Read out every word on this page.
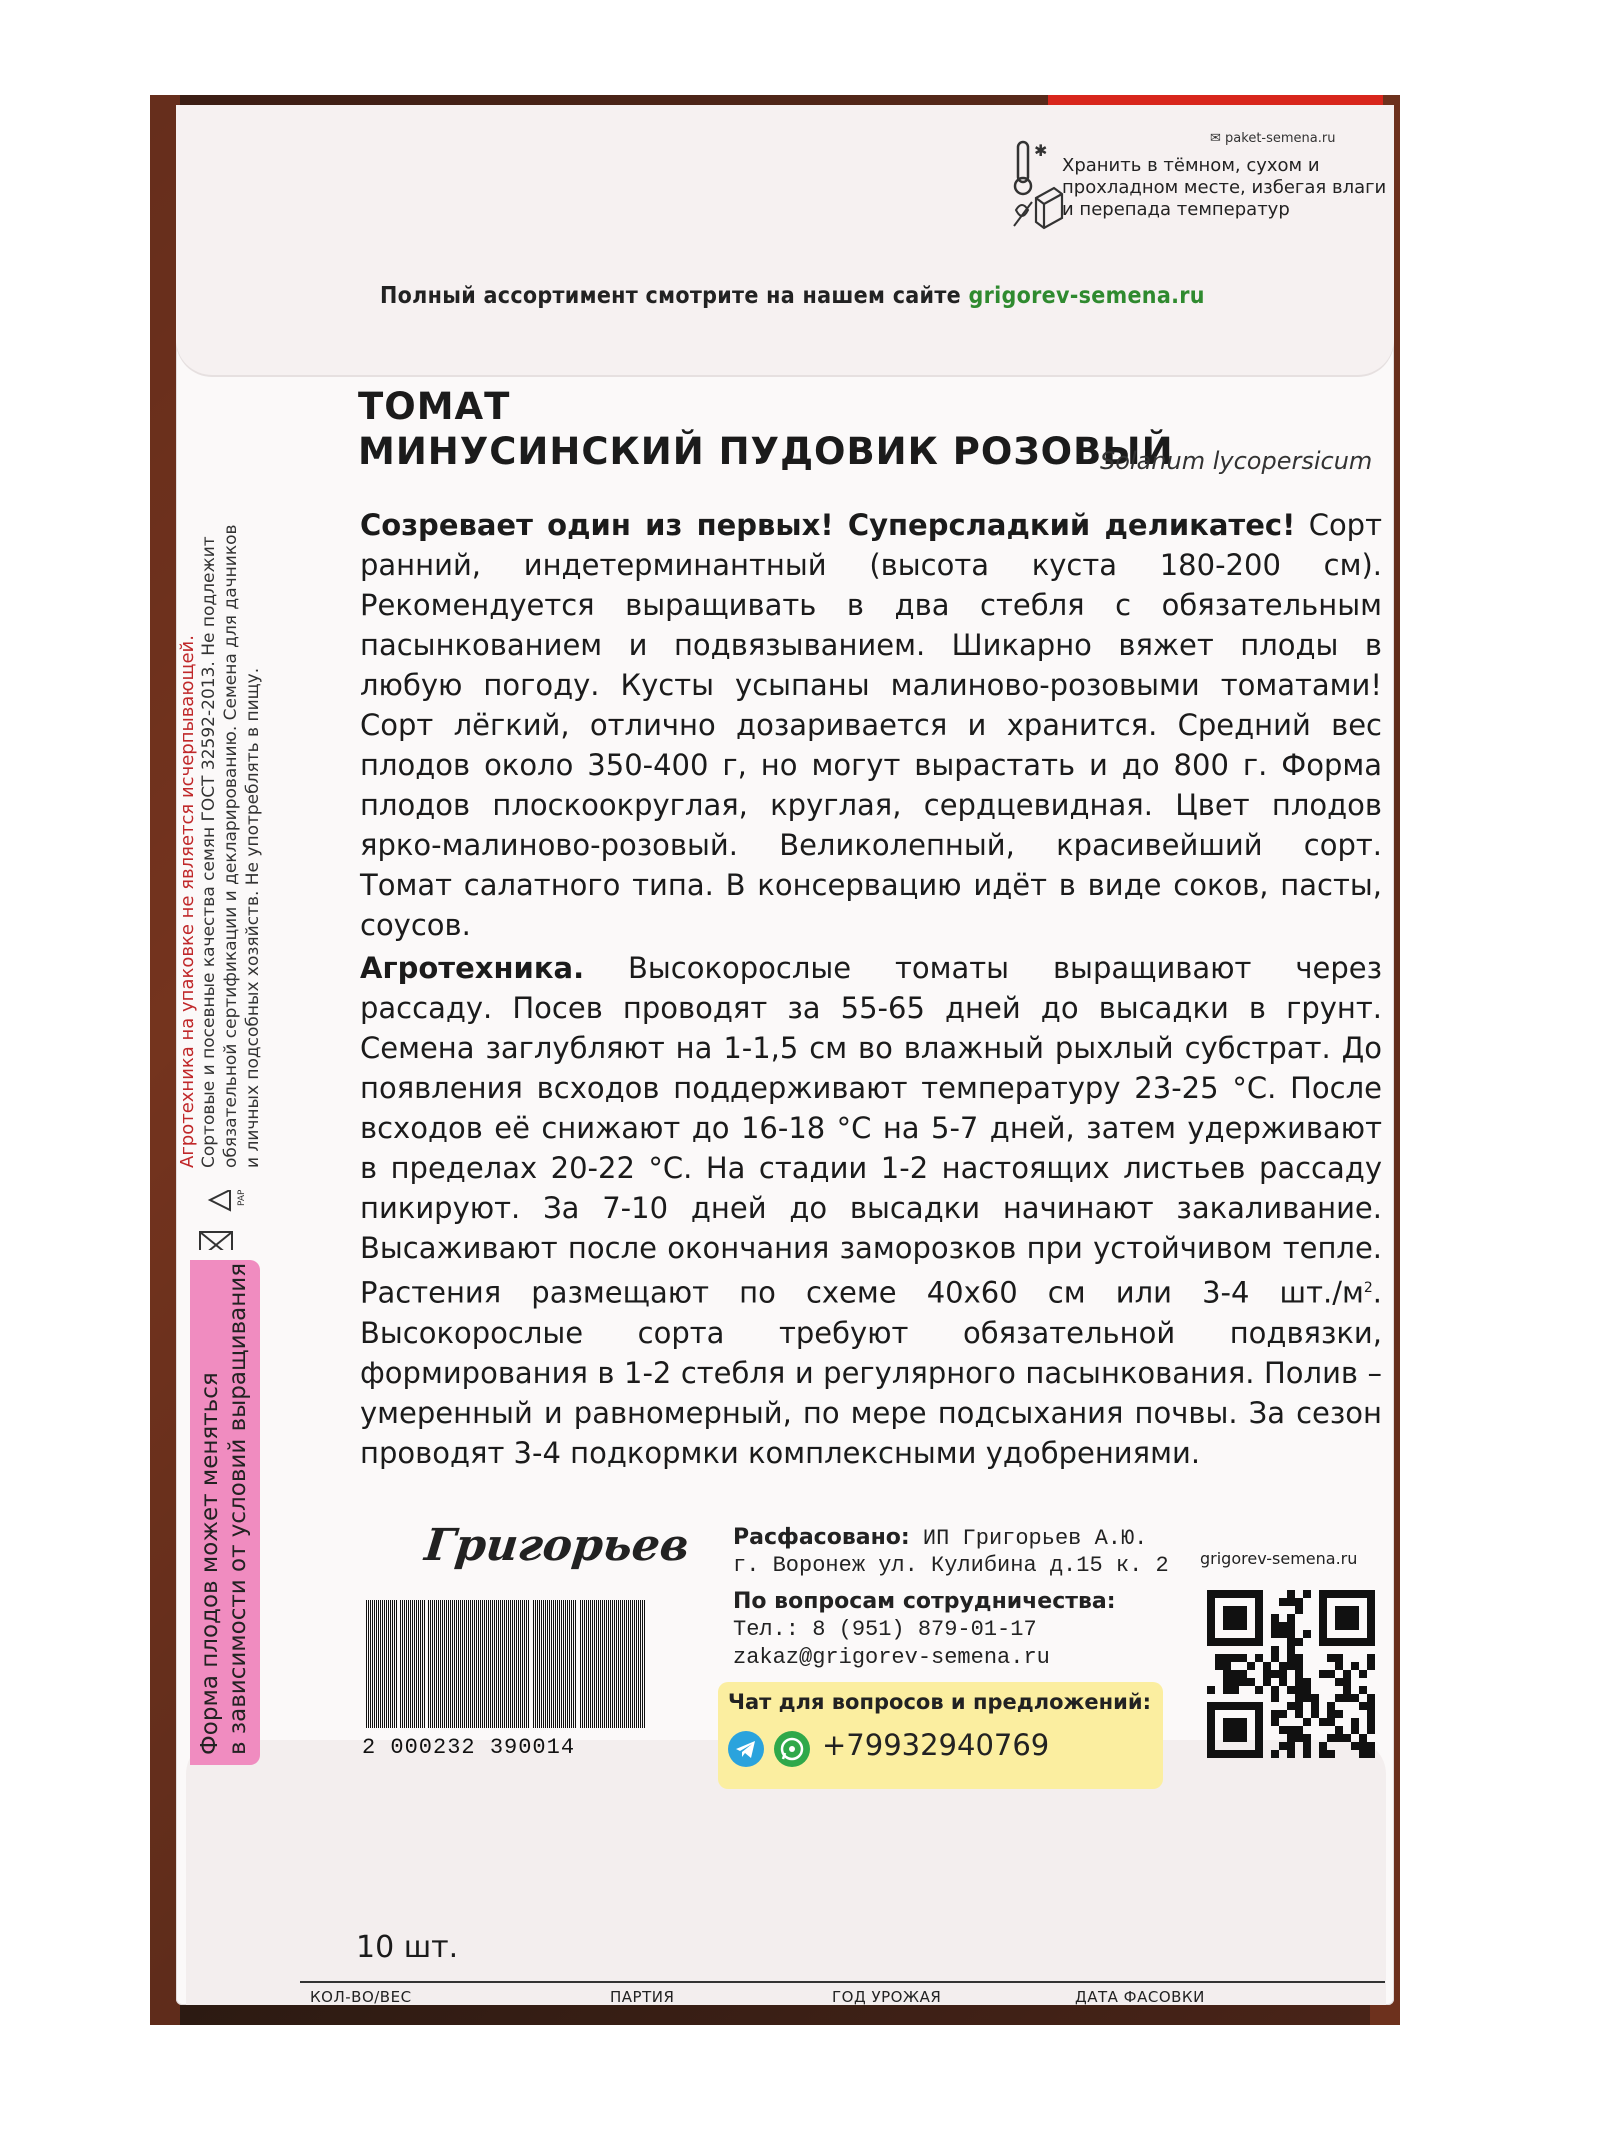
✱
✉ paket-semena.ru
Хранить в тёмном, сухом и прохладном месте, избегая влаги и перепада температур
Полный ассортимент смотрите на нашем сайте grigorev-semena.ru
ТОМАТ
МИНУСИНСКИЙ ПУДОВИК РОЗОВЫЙ
Solanum lycopersicum
Созревает один из первых! Суперсладкий деликатес! Сорт ранний, индетерминантный (высота куста 180-200 см). Рекомендуется выращивать в два стебля с обязательным пасынкованием и подвязыванием. Шикарно вяжет плоды в любую погоду. Кусты усыпаны малиново-розовыми томатами! Сорт лёгкий, отлично дозаривается и хранится. Средний вес плодов около 350-400 г, но могут вырастать и до 800 г. Форма плодов плоскоокруглая, круглая, сердцевидная. Цвет плодов ярко-малиново-розовый. Великолепный, красивейший сорт. Томат салатного типа. В консервацию идёт в виде соков, пасты, соусов.
Агротехника. Высокорослые томаты выращивают через рассаду. Посев проводят за 55-65 дней до высадки в грунт. Семена заглубляют на 1-1,5 см во влажный рыхлый субстрат. До появления всходов поддерживают температуру 23-25 °С. После всходов её снижают до 16-18 °С на 5-7 дней, затем удерживают в пределах 20-22 °С. На стадии 1-2 настоящих листьев рассаду пикируют. За 7-10 дней до высадки начинают закаливание. Высаживают после окончания заморозков при устойчивом тепле. Растения размещают по схеме 40х60 см или 3-4 $шт./м^2$. Высокорослые сорта требуют обязательной подвязки, формирования в 1-2 стебля и регулярного пасынкования. Полив – умеренный и равномерный, по мере подсыхания почвы. За сезон проводят 3-4 подкормки комплексными удобрениями.
Григорьев
2 000232 390014
Расфасовано: ИП Григорьев А.Ю.
г. Воронеж ул. Кулибина д.15 к. 2
По вопросам сотрудничества:
Тел.: 8 (951) 879-01-17
zakaz@grigorev-semena.ru
Чат для вопросов и предложений:
+79932940769
grigorev-semena.ru
Агротехника на упаковке не является исчерпывающей. Сортовые и посевные качества семян ГОСТ 32592-2013. Не подлежит обязательной сертификации и декларированию. Семена для дачников и личных подсобных хозяйств. Не употреблять в пищу.
Форма плодов может меняться в зависимости от условий выращивания
PAP
10 шт.
КОЛ-ВО/ВЕС	ПАРТИЯ	ГОД УРОЖАЯ	ДАТА ФАСОВКИ
